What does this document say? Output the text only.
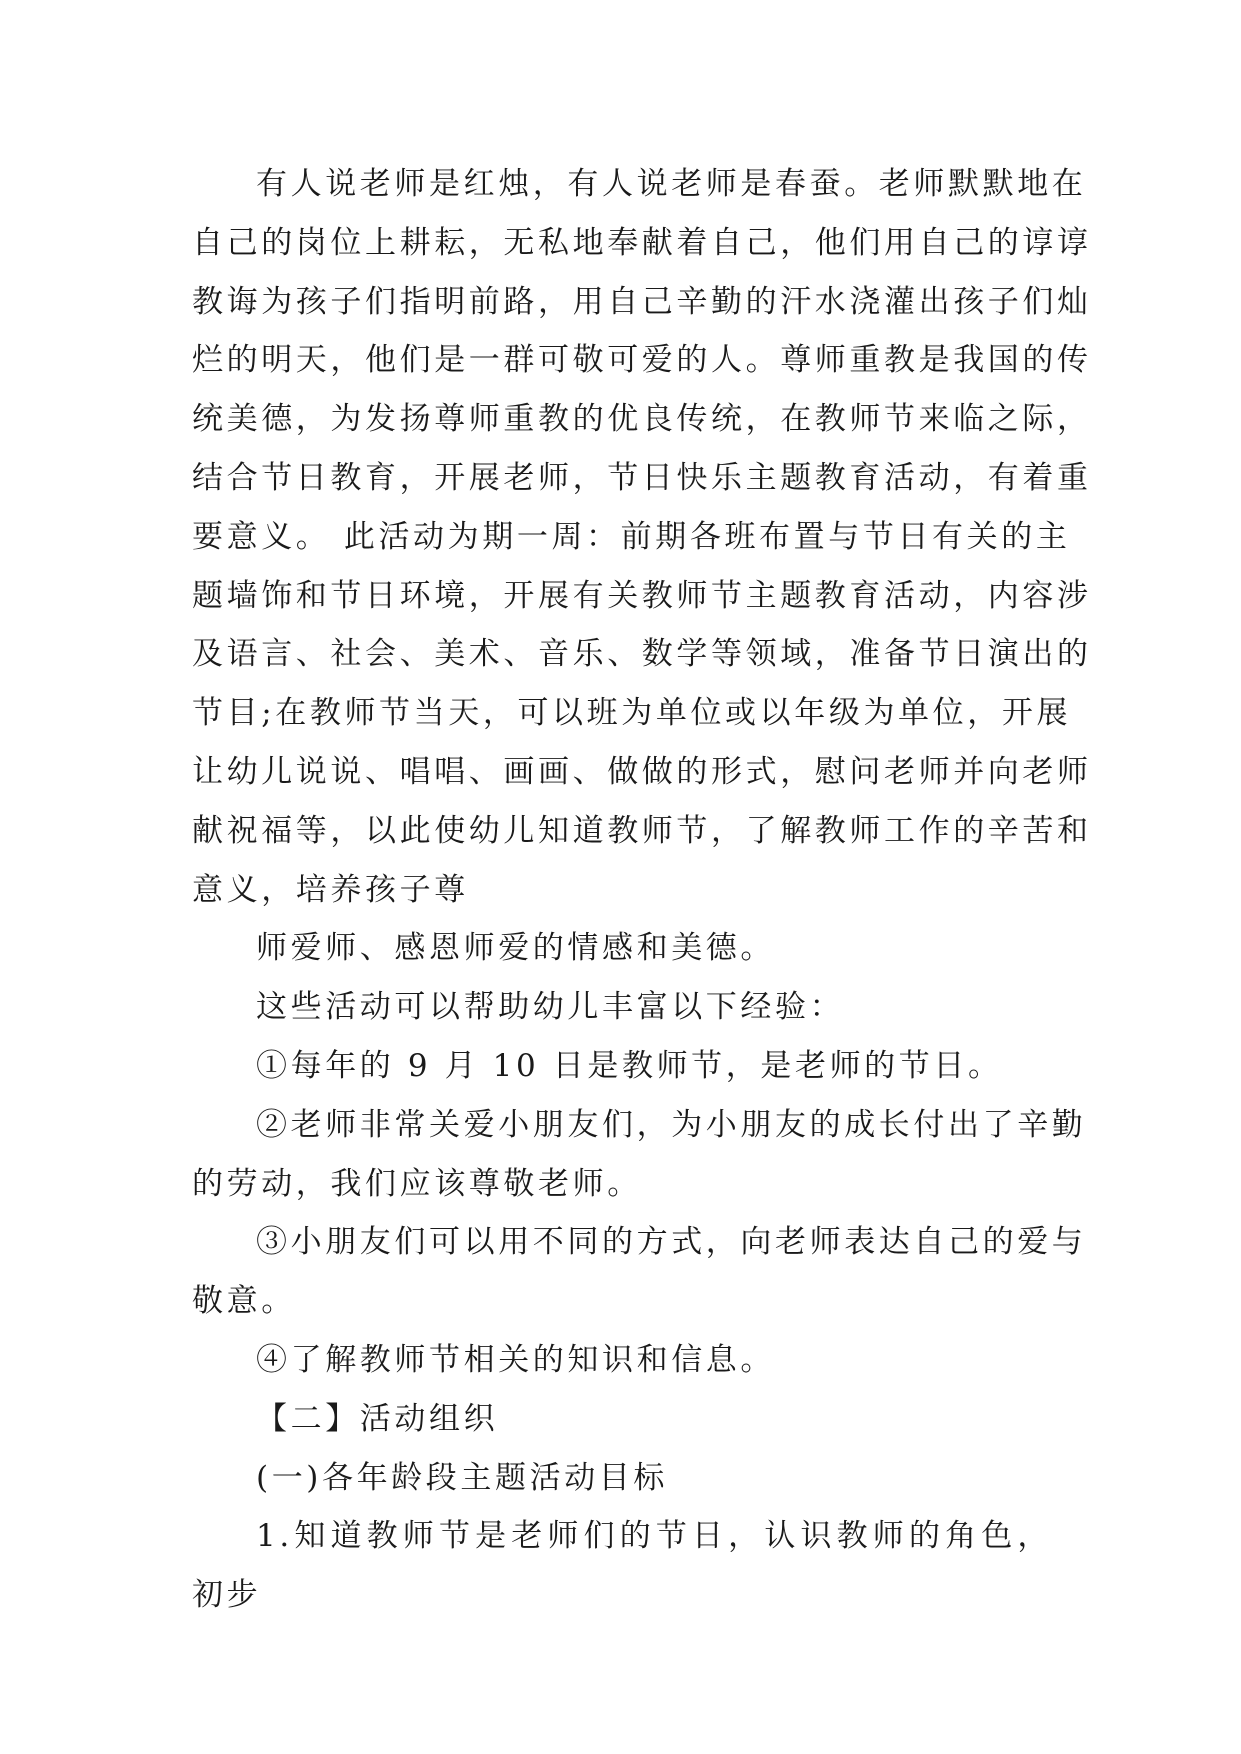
有人说老师是红烛，有人说老师是春蚕。老师默默地在
自己的岗位上耕耘，无私地奉献着自己，他们用自己的谆谆
教诲为孩子们指明前路，用自己辛勤的汗水浇灌出孩子们灿
烂的明天，他们是一群可敬可爱的人。尊师重教是我国的传
统美德，为发扬尊师重教的优良传统，在教师节来临之际，
结合节日教育，开展老师，节日快乐主题教育活动，有着重
要意义。 此活动为期一周：前期各班布置与节日有关的主
题墙饰和节日环境，开展有关教师节主题教育活动，内容涉
及语言、社会、美术、音乐、数学等领域，准备节日演出的
节目;在教师节当天，可以班为单位或以年级为单位，开展
让幼儿说说、唱唱、画画、做做的形式，慰问老师并向老师
献祝福等，以此使幼儿知道教师节，了解教师工作的辛苦和
意义，培养孩子尊

师爱师、感恩师爱的情感和美德。

这些活动可以帮助幼儿丰富以下经验：

①每年的 9 月 10 日是教师节，是老师的节日。

②老师非常关爱小朋友们，为小朋友的成长付出了辛勤
的劳动，我们应该尊敬老师。

③小朋友们可以用不同的方式，向老师表达自己的爱与
敬意。

④了解教师节相关的知识和信息。

【二】活动组织

(一)各年龄段主题活动目标

1.知道教师节是老师们的节日，认识教师的角色，初步
